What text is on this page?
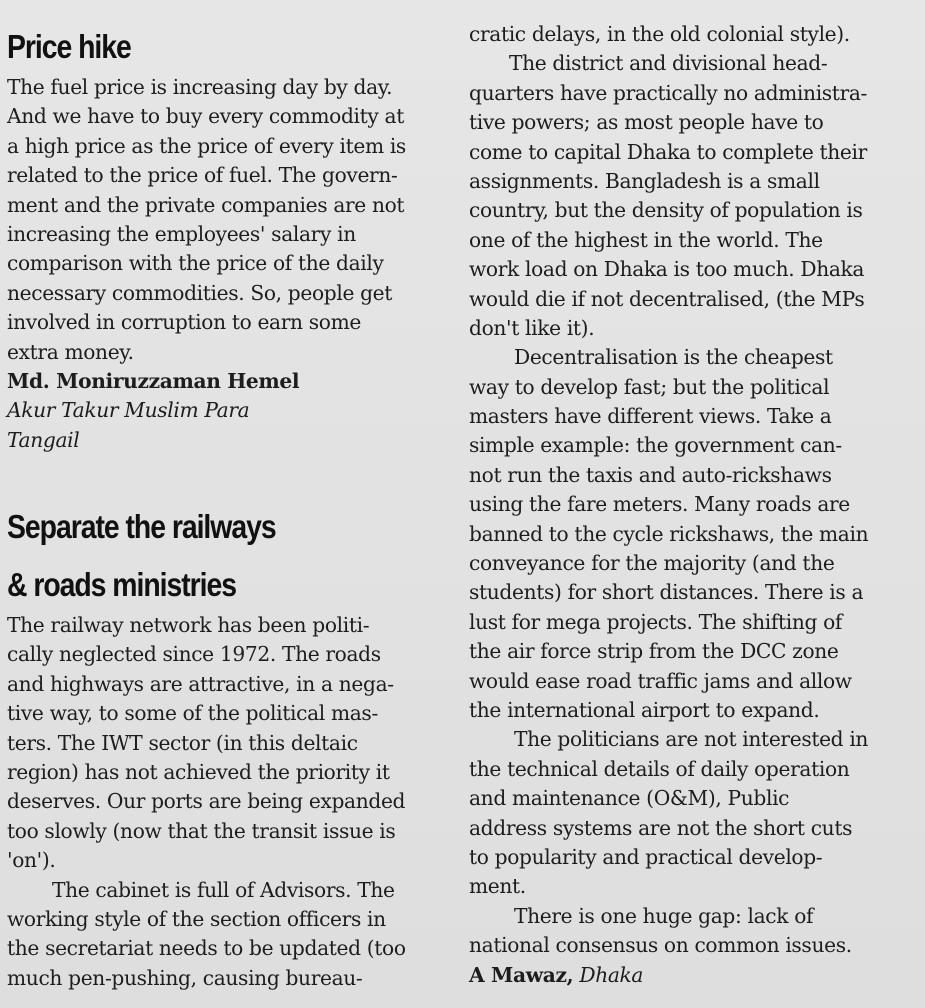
Price hike
The fuel price is increasing day by day.
And we have to buy every commodity at
a high price as the price of every item is
related to the price of fuel. The govern-
ment and the private companies are not
increasing the employees' salary in
comparison with the price of the daily
necessary commodities. So, people get
involved in corruption to earn some
extra money.
Md. Moniruzzaman Hemel
Akur Takur Muslim Para
Tangail
Separate the railways
& roads ministries
The railway network has been politi-
cally neglected since 1972. The roads
and highways are attractive, in a nega-
tive way, to some of the political mas-
ters. The IWT sector (in this deltaic
region) has not achieved the priority it
deserves. Our ports are being expanded
too slowly (now that the transit issue is
'on').
The cabinet is full of Advisors. The
working style of the section officers in
the secretariat needs to be updated (too
much pen-pushing, causing bureau-
cratic delays, in the old colonial style).
The district and divisional head-
quarters have practically no administra-
tive powers; as most people have to
come to capital Dhaka to complete their
assignments. Bangladesh is a small
country, but the density of population is
one of the highest in the world. The
work load on Dhaka is too much. Dhaka
would die if not decentralised, (the MPs
don't like it).
Decentralisation is the cheapest
way to develop fast; but the political
masters have different views. Take a
simple example: the government can-
not run the taxis and auto-rickshaws
using the fare meters. Many roads are
banned to the cycle rickshaws, the main
conveyance for the majority (and the
students) for short distances. There is a
lust for mega projects. The shifting of
the air force strip from the DCC zone
would ease road traffic jams and allow
the international airport to expand.
The politicians are not interested in
the technical details of daily operation
and maintenance (O&M), Public
address systems are not the short cuts
to popularity and practical develop-
ment.
There is one huge gap: lack of
national consensus on common issues.
A Mawaz, Dhaka
